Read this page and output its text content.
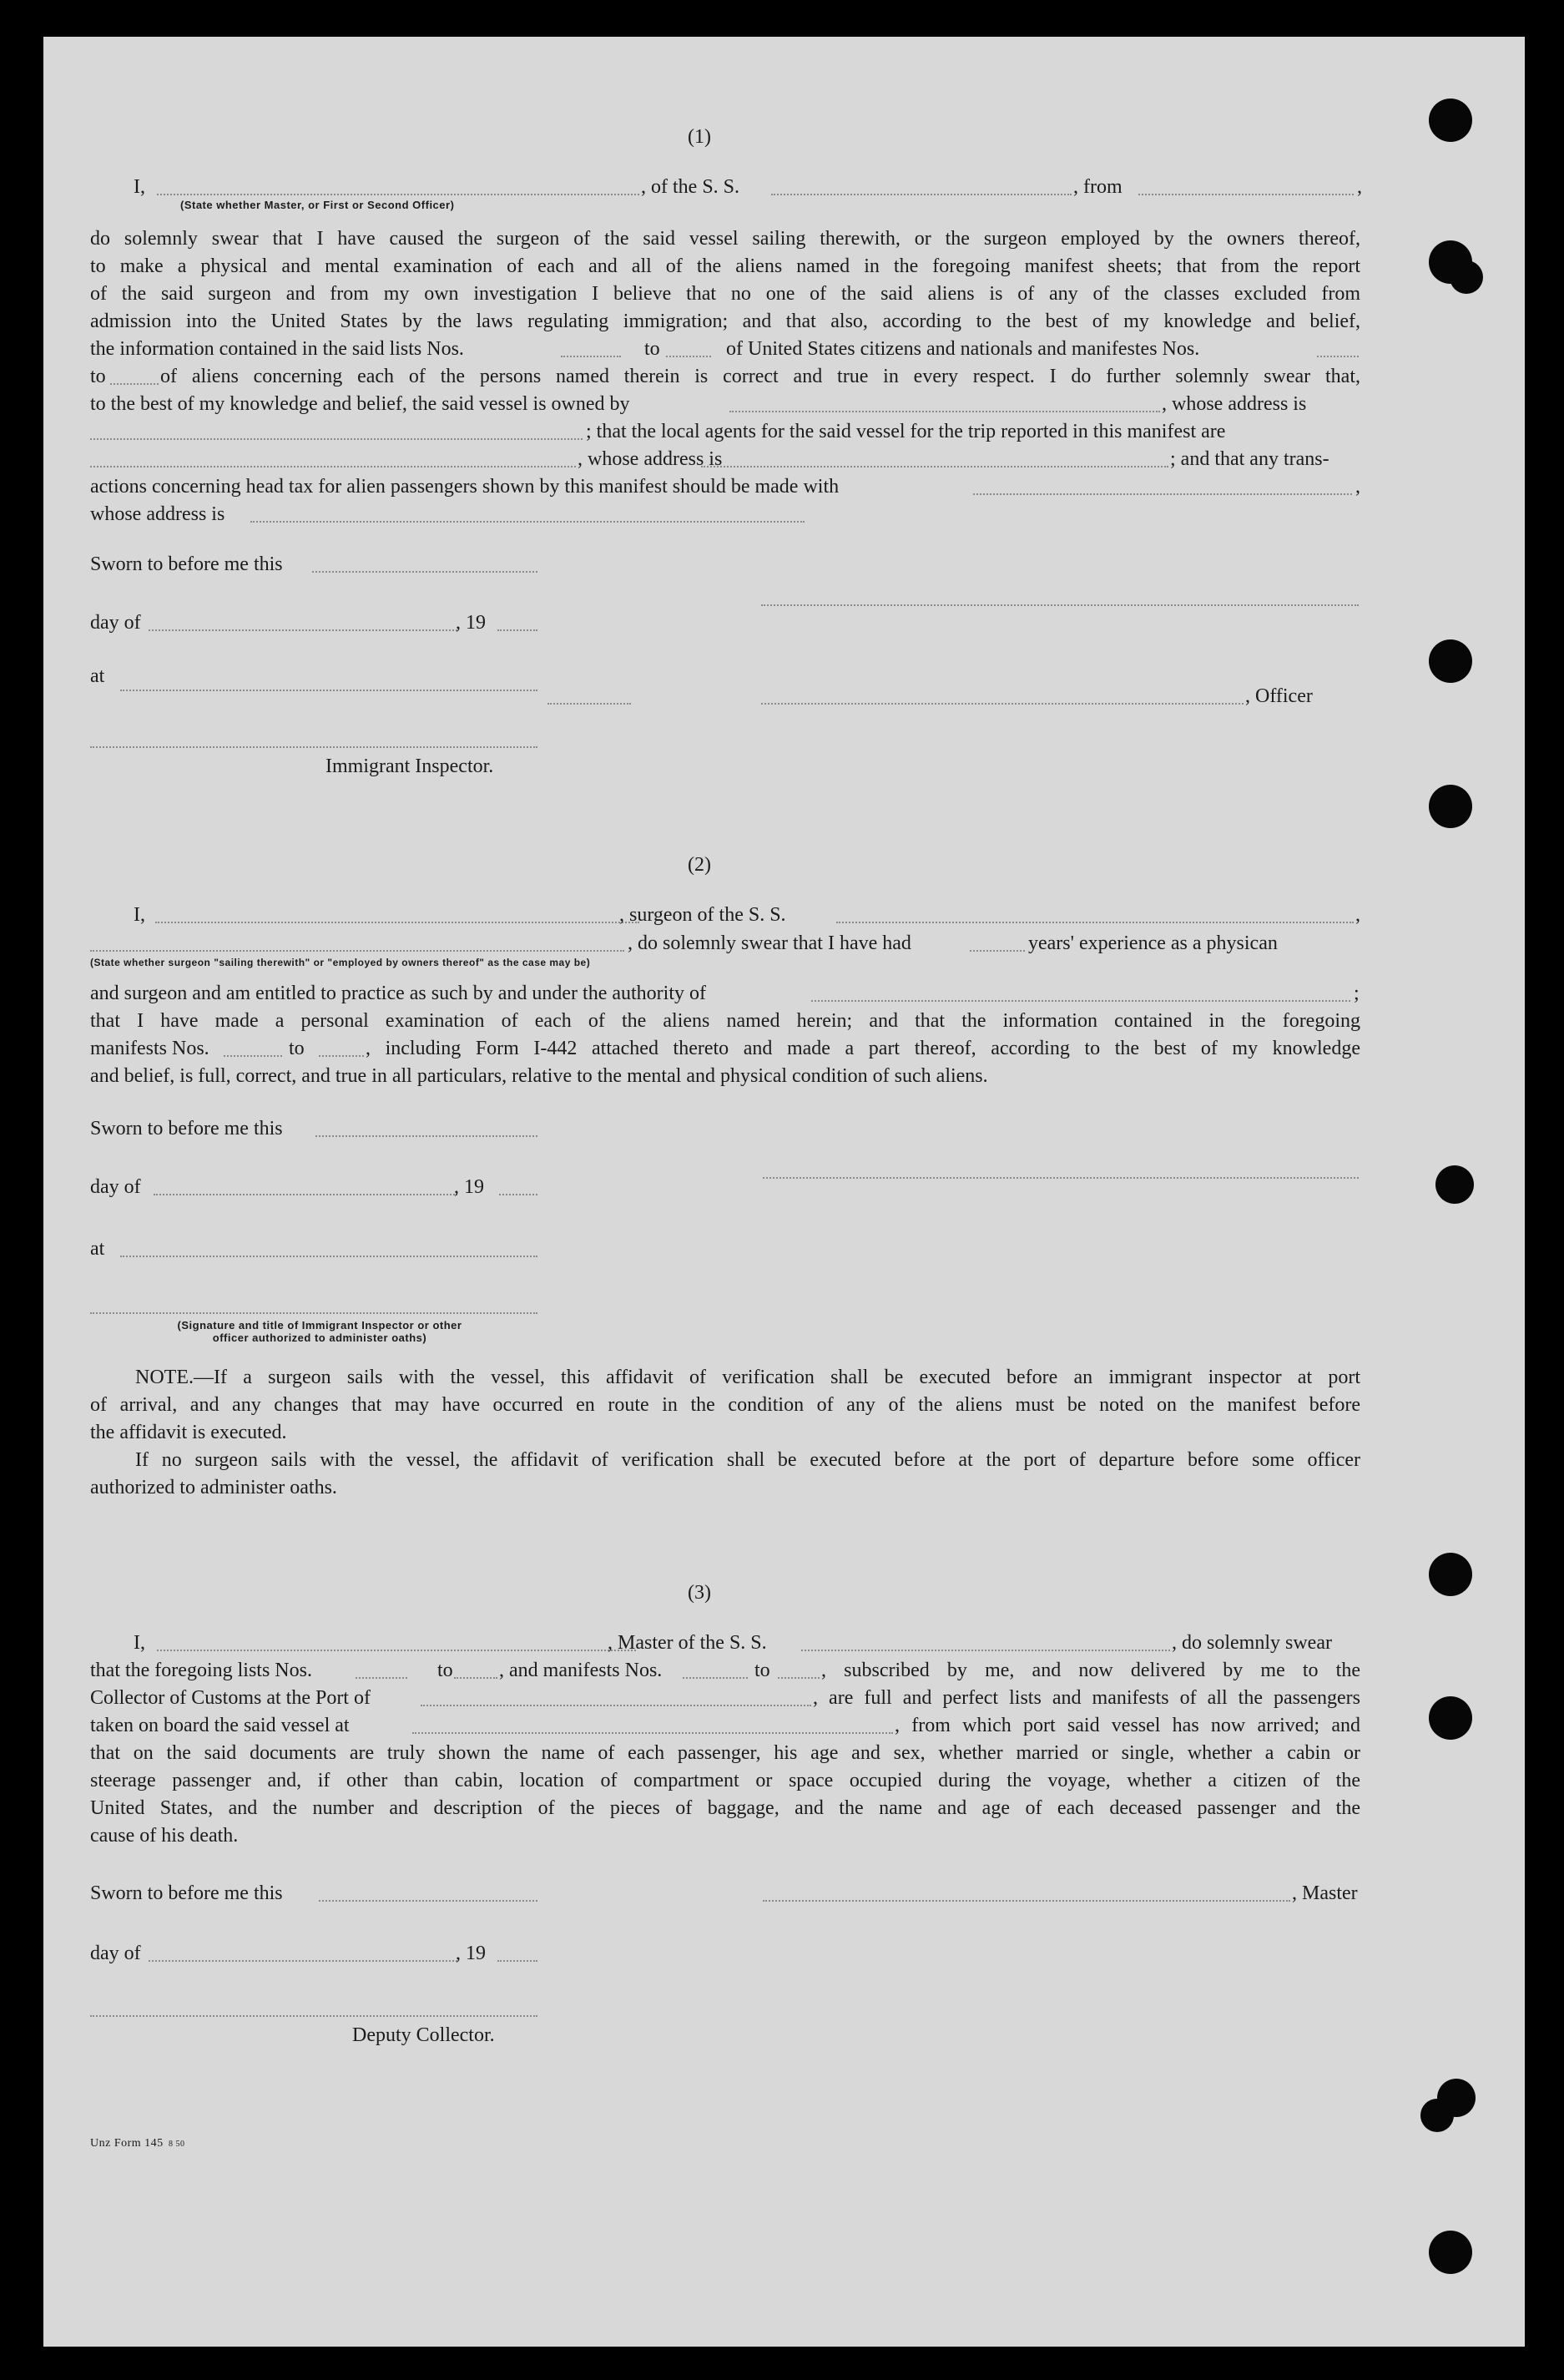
(1)
I,	, of the S. S.	, from	,
(State whether Master, or First or Second Officer)
do solemnly swear that I have caused the surgeon of the said vessel sailing therewith, or the surgeon employed by the owners thereof,
to make a physical and mental examination of each and all of the aliens named in the foregoing manifest sheets; that from the report
of the said surgeon and from my own investigation I believe that no one of the said aliens is of any of the classes excluded from
admission into the United States by the laws regulating immigration; and that also, according to the best of my knowledge and belief,
the information contained in the said lists Nos.	to	of United States citizens and nationals and manifestes Nos.
to	of aliens concerning each of the persons named therein is correct and true in every respect. I do further solemnly swear that,
to the best of my knowledge and belief, the said vessel is owned by	, whose address is
; that the local agents for the said vessel for the trip reported in this manifest are
, whose address is	; and that any trans-
actions concerning head tax for alien passengers shown by this manifest should be made with	,
whose address is
Sworn to before me this
day of	, 19
at
, Officer
Immigrant Inspector.
(2)
I,	, surgeon of the S. S.	,
, do solemnly swear that I have had	years' experience as a physican
(State whether surgeon "sailing therewith" or "employed by owners thereof" as the case may be)
and surgeon and am entitled to practice as such by and under the authority of	;
that I have made a personal examination of each of the aliens named herein; and that the information contained in the foregoing
manifests Nos.	to	, including Form I-442 attached thereto and made a part thereof, according to the best of my knowledge
and belief, is full, correct, and true in all particulars, relative to the mental and physical condition of such aliens.
Sworn to before me this
day of	, 19
at
(Signature and title of Immigrant Inspector or other
officer authorized to administer oaths)
NOTE.—If a surgeon sails with the vessel, this affidavit of verification shall be executed before an immigrant inspector at port
of arrival, and any changes that may have occurred en route in the condition of any of the aliens must be noted on the manifest before
the affidavit is executed.
If no surgeon sails with the vessel, the affidavit of verification shall be executed before at the port of departure before some officer
authorized to administer oaths.
(3)
I,	, Master of the S. S.	, do solemnly swear
that the foregoing lists Nos.	to , and manifests Nos.	to	, subscribed by me, and now delivered by me to the
Collector of Customs at the Port of	, are full and perfect lists and manifests of all the passengers
taken on board the said vessel at	, from which port said vessel has now arrived; and
that on the said documents are truly shown the name of each passenger, his age and sex, whether married or single, whether a cabin or
steerage passenger and, if other than cabin, location of compartment or space occupied during the voyage, whether a citizen of the
United States, and the number and description of the pieces of baggage, and the name and age of each deceased passenger and the
cause of his death.
Sworn to before me this	, Master
day of	, 19
Deputy Collector.
Unz Form 145 8 50
